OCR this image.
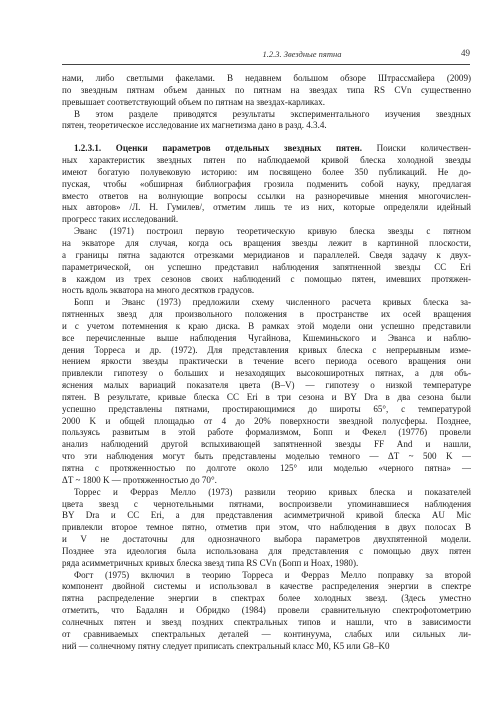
1.2.3. Звездные пятна	49

нами, либо светлыми факелами. В недавнем большом обзоре Штрассмайера (2009)
по звездным пятнам объем данных по пятнам на звездах типа RS CVn существенно
превышает соответствующий объем по пятнам на звездах-карликах.

В этом разделе приводятся результаты экспериментального изучения звездных
пятен, теоретическое исследование их магнетизма дано в разд. 4.3.4.

1.2.3.1. Оценки параметров отдельных звездных пятен. Поиски количествен-
ных характеристик звездных пятен по наблюдаемой кривой блеска холодной звезды
имеют богатую полувековую историю: им посвящено более 350 публикаций. Не до-
пуская, чтобы «обширная библиография грозила подменить собой науку, предлагая
вместо ответов на волнующие вопросы ссылки на разноречивые мнения многочислен-
ных авторов» /Л. Н. Гумилев/, отметим лишь те из них, которые определяли идейный
прогресс таких исследований.

Эванс (1971) построил первую теоретическую кривую блеска звезды с пятном
на экваторе для случая, когда ось вращения звезды лежит в картинной плоскости,
а границы пятна задаются отрезками меридианов и параллелей. Сведя задачу к двух-
параметрической, он успешно представил наблюдения запятненной звезды CC Eri
в каждом из трех сезонов своих наблюдений с помощью пятен, имевших протяжен-
ность вдоль экватора на много десятков градусов.

Бопп и Эванс (1973) предложили схему численного расчета кривых блеска за-
пятненных звезд для произвольного положения в пространстве их осей вращения
и с учетом потемнения к краю диска. В рамках этой модели они успешно представили
все перечисленные выше наблюдения Чугайнова, Кшеминьского и Эванса и наблю-
дения Торреса и др. (1972). Для представления кривых блеска с непрерывным изме-
нением яркости звезды практически в течение всего периода осевого вращения они
привлекли гипотезу о больших и незаходящих высокоширотных пятнах, а для объ-
яснения малых вариаций показателя цвета (B–V) — гипотезу о низкой температуре
пятен. В результате, кривые блеска CC Eri в три сезона и BY Dra в два сезона были
успешно представлены пятнами, простирающимися до широты 65°, с температурой
2000 K и общей площадью от 4 до 20% поверхности звездной полусферы. Позднее,
пользуясь развитым в этой работе формализмом, Бопп и Фекел (1977б) провели
анализ наблюдений другой вспыхивающей запятненной звезды FF And и нашли,
что эти наблюдения могут быть представлены моделью темного — ΔT ~ 500 K —
пятна с протяженностью по долготе около 125° или моделью «черного пятна» —
ΔT ~ 1800 K — протяженностью до 70°.

Торрес и Ферраз Мелло (1973) развили теорию кривых блеска и показателей
цвета звезд с чернотельными пятнами, воспроизвели упоминавшиеся наблюдения
BY Dra и CC Eri, а для представления асимметричной кривой блеска AU Mic
привлекли второе темное пятно, отметив при этом, что наблюдения в двух полосах B
и V не достаточны для однозначного выбора параметров двухпятенной модели.
Позднее эта идеология была использована для представления с помощью двух пятен
ряда асимметричных кривых блеска звезд типа RS CVn (Бопп и Ноах, 1980).

Фогт (1975) включил в теорию Торреса и Ферраз Мелло поправку за второй
компонент двойной системы и использовал в качестве распределения энергии в спектре
пятна распределение энергии в спектрах более холодных звезд. (Здесь уместно
отметить, что Бадалян и Обридко (1984) провели сравнительную спектрофотометрию
солнечных пятен и звезд поздних спектральных типов и нашли, что в зависимости
от сравниваемых спектральных деталей — континуума, слабых или сильных ли-
ний — солнечному пятну следует приписать спектральный класс M0, K5 или G8–K0
